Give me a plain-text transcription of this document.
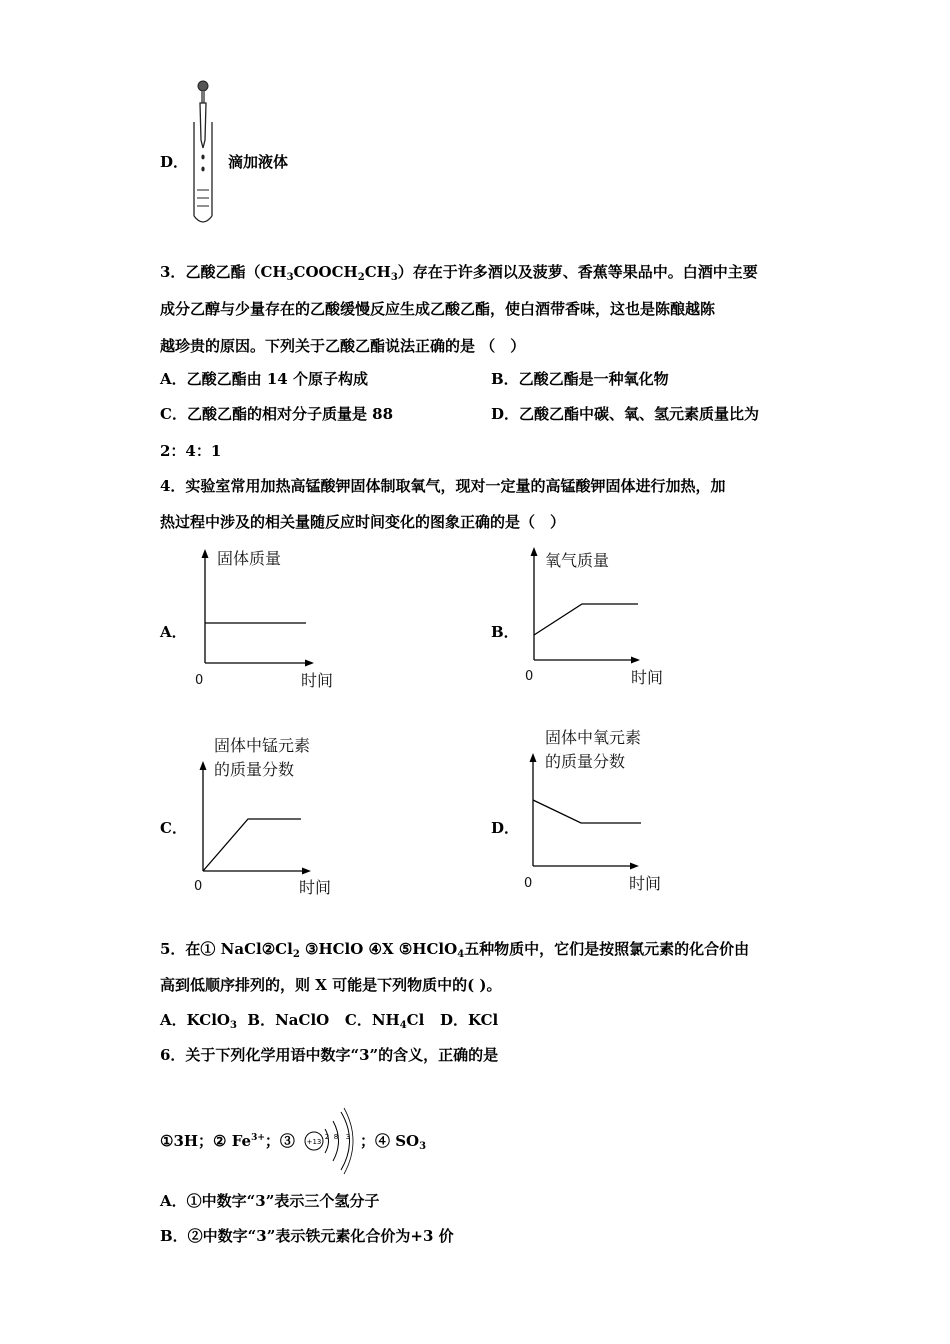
D．	滴加液体
3．乙酸乙酯$(CH_3COOCH_2CH_3)$存在于许多酒以及菠萝、香蕉等果品中。白酒中主要
成分乙醇与少量存在的乙酸缓慢反应生成乙酸乙酯，使白酒带香味，这也是陈酿越陈
越珍贵的原因。下列关于乙酸乙酯说法正确的是 （　）
A．乙酸乙酯由 14 个原子构成	B．乙酸乙酯是一种氧化物
C．乙酸乙酯的相对分子质量是 88	D．乙酸乙酯中碳、氧、氢元素质量比为
2：4：1
4．实验室常用加热高锰酸钾固体制取氧气，现对一定量的高锰酸钾固体进行加热，加
热过程中涉及的相关量随反应时间变化的图象正确的是（　）
A．
固体质量
0	时间
B．
氧气质量
0	时间
C．
固体中锰元素
的质量分数
0	时间
D．
固体中氧元素
的质量分数
0	时间
5．在① $NaCl②Cl_2$ ③HClO ④X ⑤HClO$_4$五种物质中，它们是按照氯元素的化合价由
高到低顺序排列的，则 X 可能是下列物质中的( )。
A．KClO$_3$  B．NaClO   C．$NH_4Cl$   D．KCl
6．关于下列化学用语中数字“3”的含义，正确的是
①3H；② $Fe^{3+}$；③ +13
2 8 3 ；④ $SO_3$
A．①中数字“3”表示三个氢分子
B．②中数字“3”表示铁元素化合价为+3 价
